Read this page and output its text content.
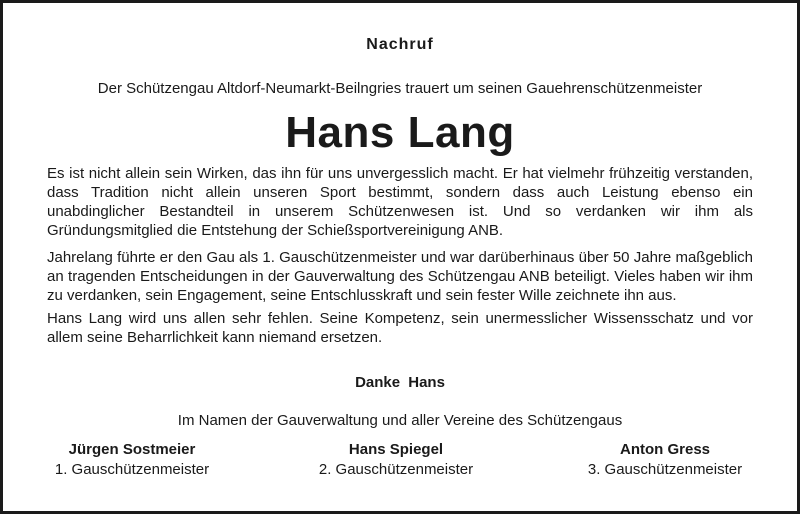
Nachruf
Der Schützengau Altdorf-Neumarkt-Beilngries trauert um seinen Gauehrenschützenmeister
Hans Lang
Es ist nicht allein sein Wirken, das ihn für uns unvergesslich macht. Er hat vielmehr frühzeitig verstanden, dass Tradition nicht allein unseren Sport bestimmt, sondern dass auch Leistung ebenso ein unabdinglicher Bestandteil in unserem Schützenwesen ist. Und so verdanken wir ihm als Gründungsmitglied die Entstehung der Schießsportvereinigung ANB.
Jahrelang führte er den Gau als 1. Gauschützenmeister und war darüberhinaus über 50 Jahre maßgeblich an tragenden Entscheidungen in der Gauverwaltung des Schützengau ANB beteiligt. Vieles haben wir ihm zu verdanken, sein Engagement, seine Entschlusskraft und sein fester Wille zeichnete ihn aus.
Hans Lang wird uns allen sehr fehlen. Seine Kompetenz, sein unermesslicher Wissensschatz und vor allem seine Beharrlichkeit kann niemand ersetzen.
Danke Hans
Im Namen der Gauverwaltung und aller Vereine des Schützengaus
Jürgen Sostmeier
1. Gauschützenmeister
Hans Spiegel
2. Gauschützenmeister
Anton Gress
3. Gauschützenmeister
